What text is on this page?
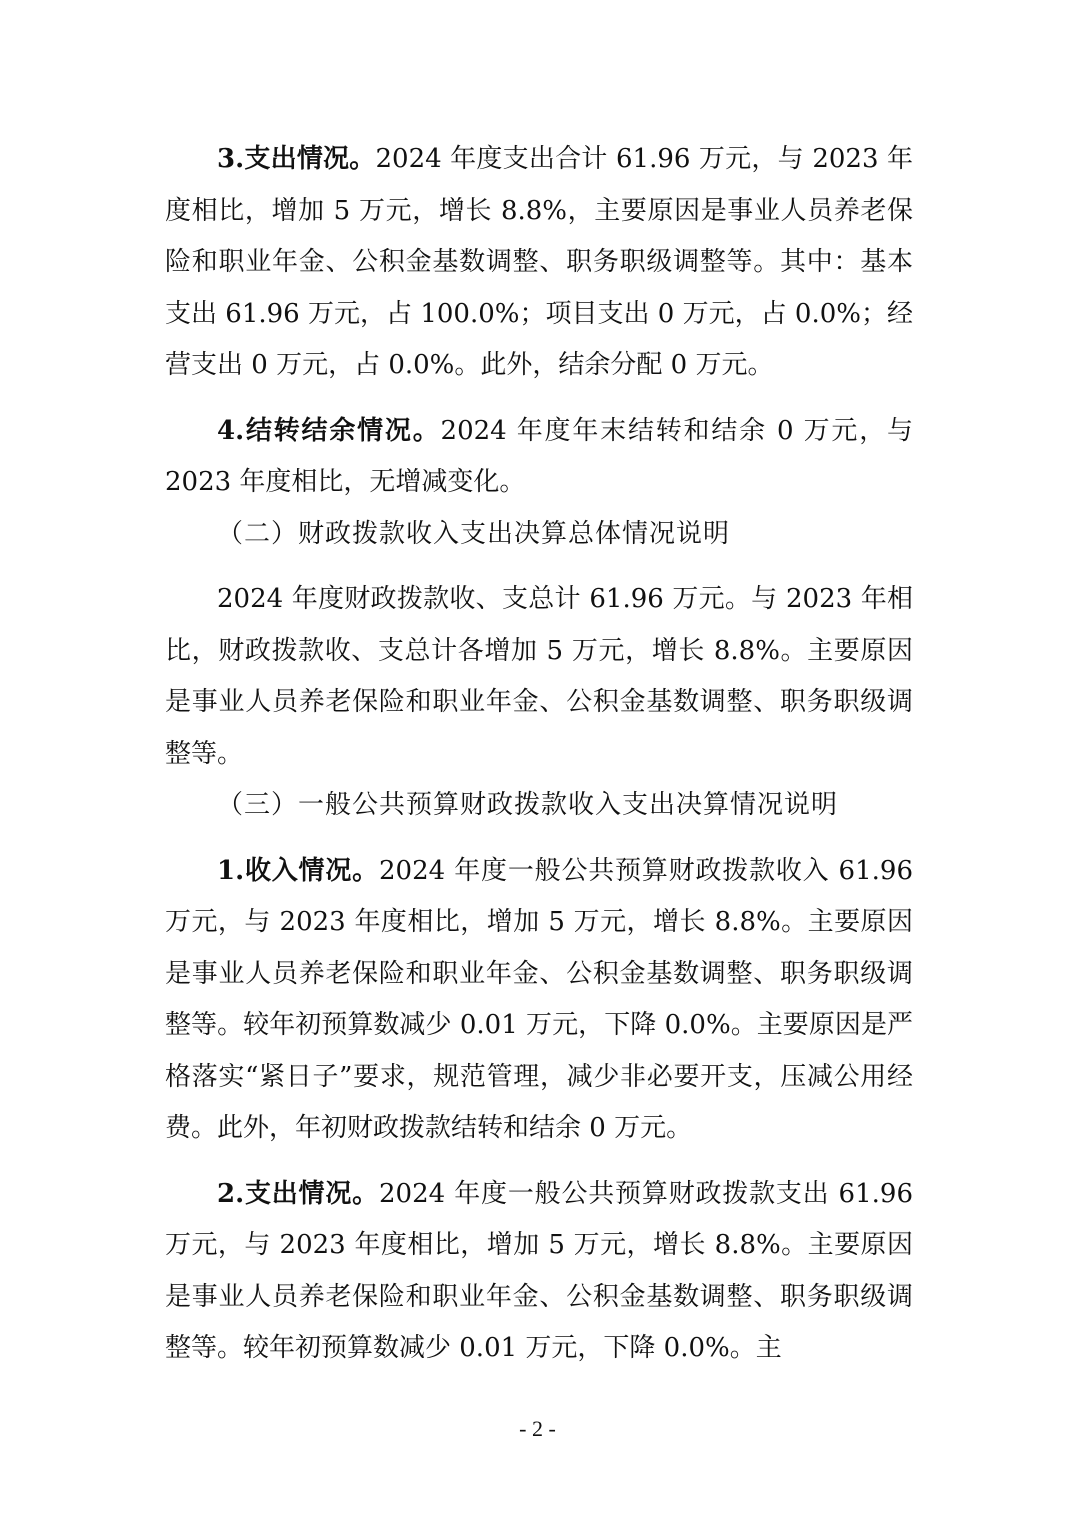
3.支出情况。2024 年度支出合计 61.96 万元，与 2023 年度相比，增加 5 万元，增长 8.8%，主要原因是事业人员养老保险和职业年金、公积金基数调整、职务职级调整等。其中：基本支出 61.96 万元，占 100.0%；项目支出 0 万元，占 0.0%；经营支出 0 万元，占 0.0%。此外，结余分配 0 万元。

4.结转结余情况。2024 年度年末结转和结余 0 万元，与 2023 年度相比，无增减变化。

（二）财政拨款收入支出决算总体情况说明

2024 年度财政拨款收、支总计 61.96 万元。与 2023 年相比，财政拨款收、支总计各增加 5 万元，增长 8.8%。主要原因是事业人员养老保险和职业年金、公积金基数调整、职务职级调整等。

（三）一般公共预算财政拨款收入支出决算情况说明

1.收入情况。2024 年度一般公共预算财政拨款收入 61.96 万元，与 2023 年度相比，增加 5 万元，增长 8.8%。主要原因是事业人员养老保险和职业年金、公积金基数调整、职务职级调整等。较年初预算数减少 0.01 万元，下降 0.0%。主要原因是严格落实“紧日子”要求，规范管理，减少非必要开支，压减公用经费。此外，年初财政拨款结转和结余 0 万元。

2.支出情况。2024 年度一般公共预算财政拨款支出 61.96 万元，与 2023 年度相比，增加 5 万元，增长 8.8%。主要原因是事业人员养老保险和职业年金、公积金基数调整、职务职级调整等。较年初预算数减少 0.01 万元，下降 0.0%。主

- 2 -
